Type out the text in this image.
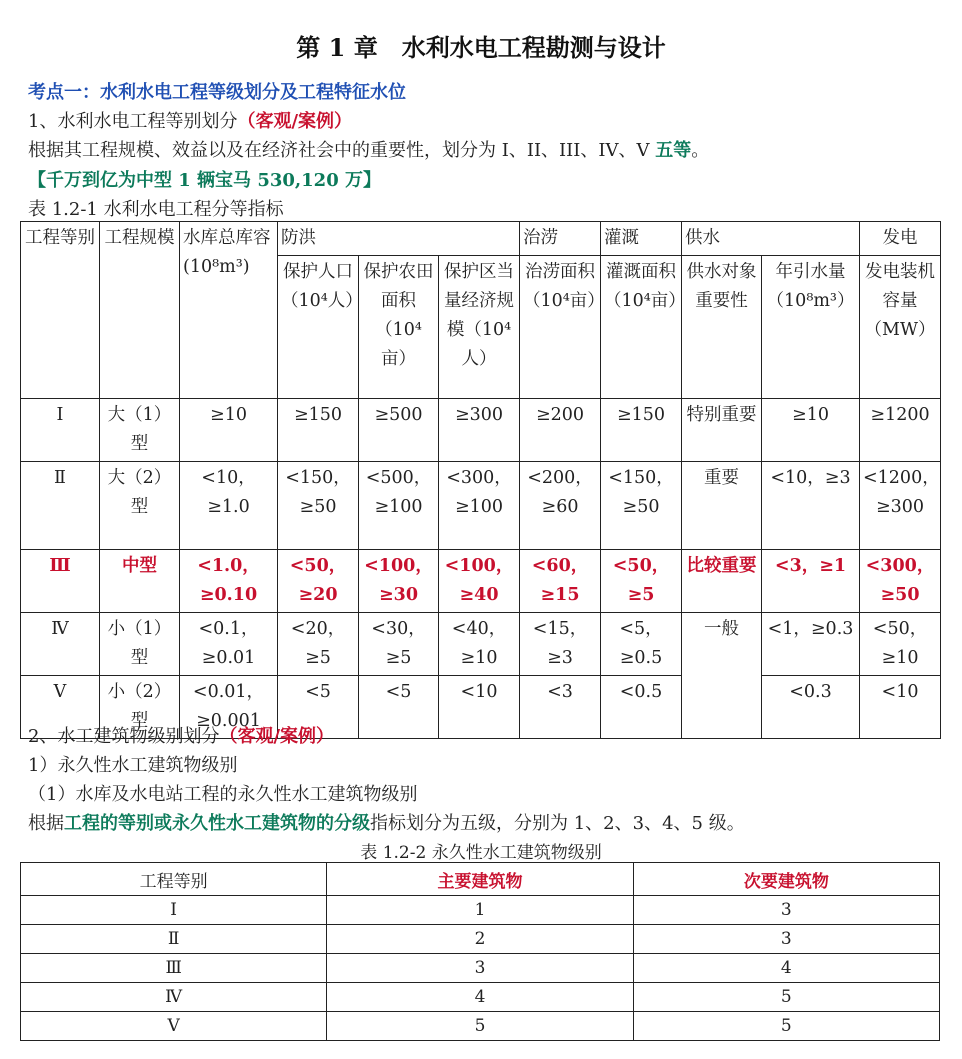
第 1 章　水利水电工程勘测与设计
考点一：水利水电工程等级划分及工程特征水位
1、水利水电工程等别划分（客观/案例）
根据其工程规模、效益以及在经济社会中的重要性，划分为 I、II、III、IV、V 五等。
【千万到亿为中型 1 辆宝马 530,120 万】
表 1.2-1 水利水电工程分等指标
工程等别	工程规模	水库总库容(10⁸m³)	防洪			治涝	灌溉	供水		发电
			保护人口（10⁴人）	保护农田面积（10⁴亩）	保护区当量经济规模（10⁴人）	治涝面积（10⁴亩）	灌溉面积（10⁴亩）	供水对象重要性	年引水量（10⁸m³）	发电装机容量（MW）
Ⅰ	大（1）型	≥10	≥150	≥500	≥300	≥200	≥150	特别重要	≥10	≥1200
Ⅱ	大（2）型	<10，≥1.0	<150，≥50	<500，≥100	<300，≥100	<200，≥60	<150，≥50	重要	<10，≥3	<1200，≥300
Ⅲ	中型	<1.0，≥0.10	<50，≥20	<100，≥30	<100，≥40	<60，≥15	<50，≥5	比较重要	<3，≥1	<300，≥50
Ⅳ	小（1）型	<0.1，≥0.01	<20，≥5	<30，≥5	<40，≥10	<15，≥3	<5，≥0.5	一般	<1，≥0.3	<50，≥10
Ⅴ	小（2）型	<0.01，≥0.001	<5	<5	<10	<3	<0.5		<0.3	<10
2、水工建筑物级别划分（客观/案例）
1）永久性水工建筑物级别
（1）水库及水电站工程的永久性水工建筑物级别
根据工程的等别或永久性水工建筑物的分级指标划分为五级，分别为 1、2、3、4、5 级。
表 1.2-2 永久性水工建筑物级别
工程等别	主要建筑物	次要建筑物
Ⅰ	1	3
Ⅱ	2	3
Ⅲ	3	4
Ⅳ	4	5
Ⅴ	5	5
